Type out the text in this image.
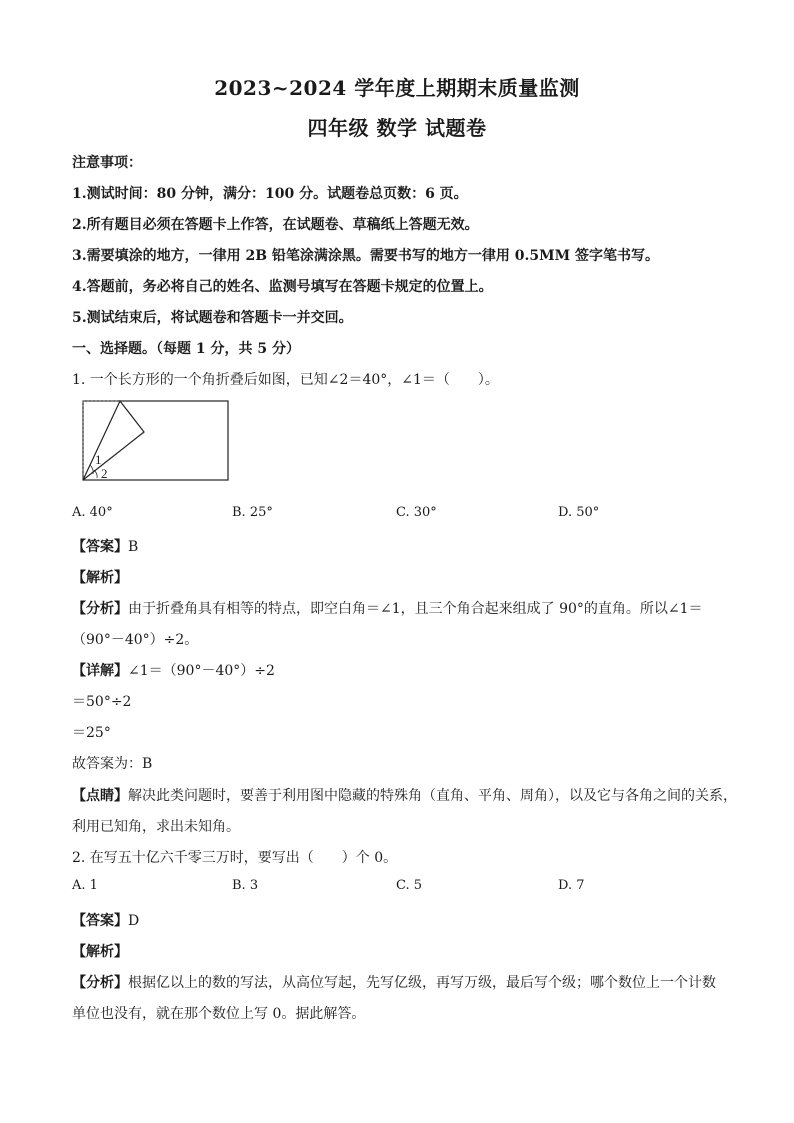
2023~2024 学年度上期期末质量监测
四年级 数学 试题卷
注意事项：
1.测试时间：80 分钟，满分：100 分。试题卷总页数：6 页。
2.所有题目必须在答题卡上作答，在试题卷、草稿纸上答题无效。
3.需要填涂的地方，一律用 2B 铅笔涂满涂黑。需要书写的地方一律用 0.5MM 签字笔书写。
4.答题前，务必将自己的姓名、监测号填写在答题卡规定的位置上。
5.测试结束后，将试题卷和答题卡一并交回。
一、选择题。（每题 1 分，共 5 分）
1. 一个长方形的一个角折叠后如图，已知∠2＝40°，∠1＝（　　）。
1
2
A. 40°	B. 25°	C. 30°	D. 50°
【答案】B
【解析】
【分析】由于折叠角具有相等的特点，即空白角＝∠1，且三个角合起来组成了 90°的直角。所以∠1＝
（90°－40°）÷2。
【详解】∠1＝（90°－40°）÷2
＝50°÷2
＝25°
故答案为：B
【点睛】解决此类问题时，要善于利用图中隐藏的特殊角（直角、平角、周角），以及它与各角之间的关系，
利用已知角，求出未知角。
2. 在写五十亿六千零三万时，要写出（　　）个 0。
A. 1	B. 3	C. 5	D. 7
【答案】D
【解析】
【分析】根据亿以上的数的写法，从高位写起，先写亿级，再写万级，最后写个级；哪个数位上一个计数
单位也没有，就在那个数位上写 0。据此解答。
